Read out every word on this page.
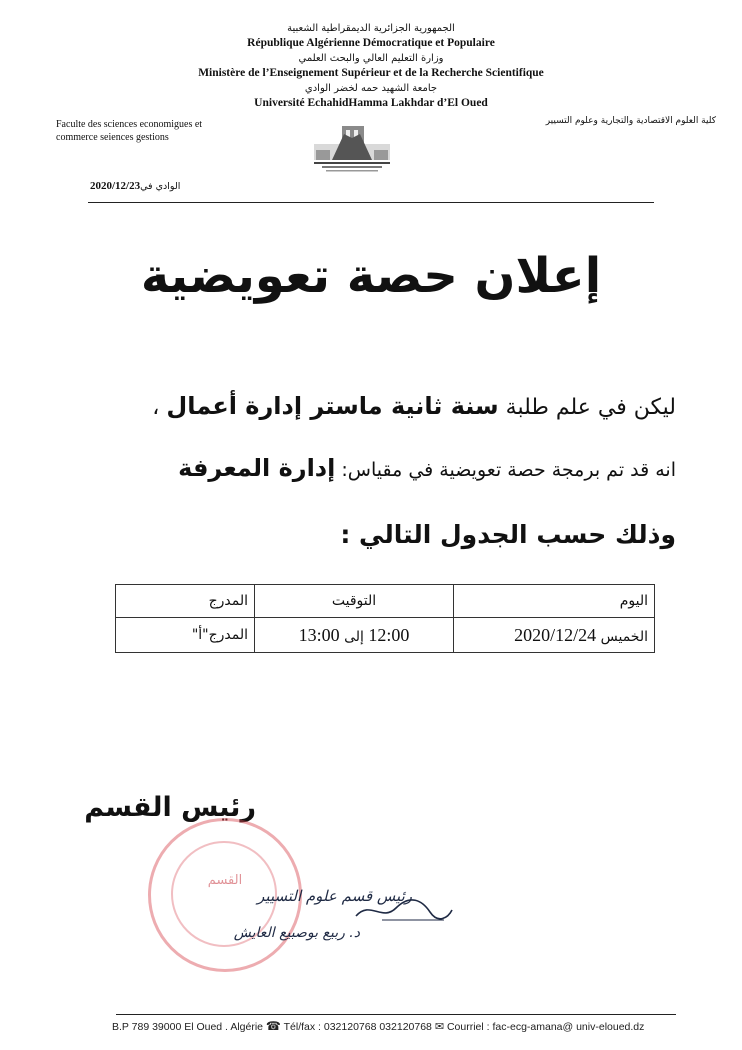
الجمهورية الجزائرية الديمقراطية الشعبية
République Algérienne Démocratique et Populaire
وزارة التعليم العالي والبحث العلمي
Ministère de l’Enseignement Supérieur et de la Recherche Scientifique
جامعة الشهيد حمه لخضر الوادي
Université EchahidHamma Lakhdar d’El Oued
Faculte des sciences economigues et
commerce seiences gestions
كلية العلوم الاقتصادية والتجارية وعلوم التسيير
الوادي في2020/12/23
إعلان حصة تعويضية
ليكن في علم طلبة سنة ثانية ماستر إدارة أعمال ،
انه قد تم برمجة حصة تعويضية في مقياس: إدارة المعرفة
وذلك حسب الجدول التالي :
اليوم	التوقيت	المدرج
الخميس 2020/12/24	12:00 إلى 13:00	المدرج"أ"
رئيس القسم
القسم
رئيس قسم علوم التسيير
د. ربيع بوصبيع العايش
B.P 789 39000 El Oued . Algérie ☎ Tél/fax : 032120768 032120768 ✉ Courriel : fac-ecg-amana@ univ-eloued.dz
